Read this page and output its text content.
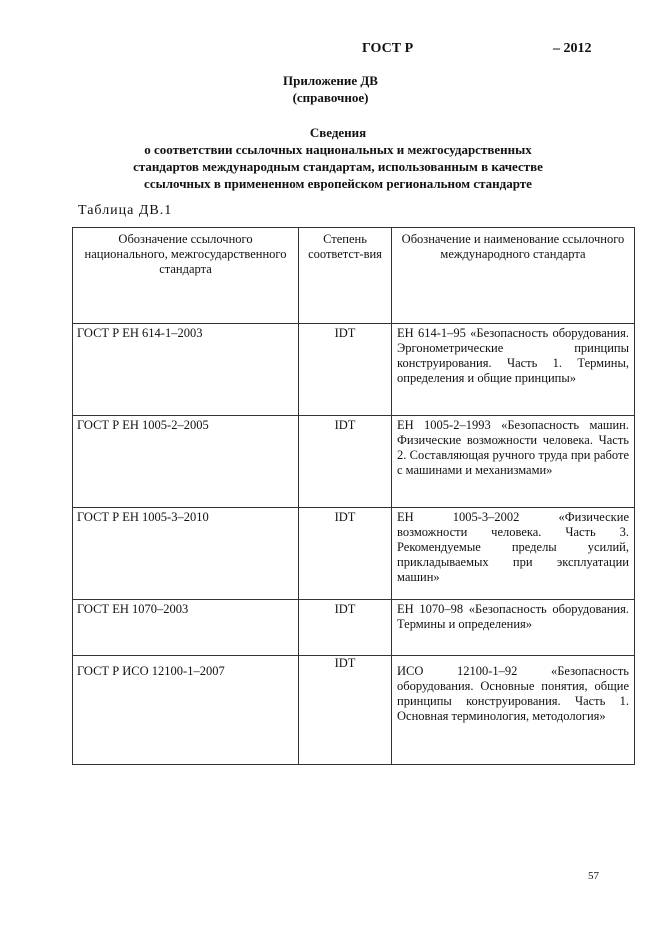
ГОСТ Р	– 2012
Приложение ДВ
(справочное)
Сведения
о соответствии ссылочных национальных и межгосударственных
стандартов международным стандартам, использованным в качестве
ссылочных в примененном европейском региональном стандарте
Таблица ДВ.1
Обозначение ссылочного национального, межгосударственного стандарта	Степень соответст-вия	Обозначение и наименование ссылочного международного стандарта
ГОСТ Р ЕН 614-1–2003	IDT	ЕН 614-1–95 «Безопасность оборудования. Эргонометрические принципы конструирования. Часть 1. Термины, определения и общие принципы»
ГОСТ Р ЕН 1005-2–2005	IDT	ЕН 1005-2–1993 «Безопасность машин. Физические возможности человека. Часть 2. Составляющая ручного труда при работе с машинами и механизмами»
ГОСТ Р ЕН 1005-3–2010	IDT	ЕН 1005-3–2002 «Физические возможности человека. Часть 3. Рекомендуемые пределы усилий, прикладываемых при эксплуатации машин»
ГОСТ ЕН 1070–2003	IDT	ЕН 1070–98 «Безопасность оборудования. Термины и определения»
ГОСТ Р ИСО 12100-1–2007	IDT	ИСО 12100-1–92 «Безопасность оборудования. Основные понятия, общие принципы конструирования. Часть 1. Основная терминология, методология»
57
